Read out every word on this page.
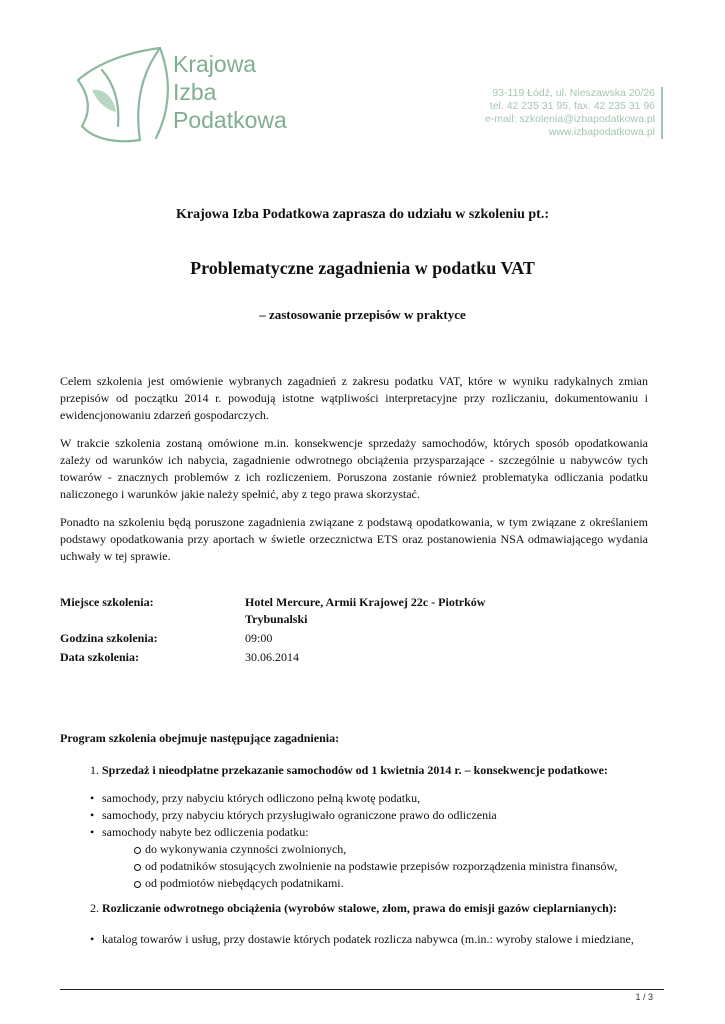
Krajowa
Izba
Podatkowa
93-119 Łódź, ul. Nieszawska 20/26
tel. 42 235 31 95, fax. 42 235 31 96
e-mail: szkolenia@izbapodatkowa.pl
www.izbapodatkowa.pl
Krajowa Izba Podatkowa zaprasza do udziału w szkoleniu pt.:
Problematyczne zagadnienia w podatku VAT
– zastosowanie przepisów w praktyce

Celem szkolenia jest omówienie wybranych zagadnień z zakresu podatku VAT, które w wyniku radykalnych zmian przepisów od początku 2014 r. powodują istotne wątpliwości interpretacyjne przy rozliczaniu, dokumentowaniu i ewidencjonowaniu zdarzeń gospodarczych.

W trakcie szkolenia zostaną omówione m.in. konsekwencje sprzedaży samochodów, których sposób opodatkowania zależy od warunków ich nabycia, zagadnienie odwrotnego obciążenia przysparzające - szczególnie u nabywców tych towarów - znacznych problemów z ich rozliczeniem. Poruszona zostanie również problematyka odliczania podatku naliczonego i warunków jakie należy spełnić, aby z tego prawa skorzystać.

Ponadto na szkoleniu będą poruszone zagadnienia związane z podstawą opodatkowania, w tym związane z określaniem podstawy opodatkowania przy aportach w świetle orzecznictwa ETS oraz postanowienia NSA odmawiającego wydania uchwały w tej sprawie.

Miejsce szkolenia:	Hotel Mercure, Armii Krajowej 22c - Piotrków Trybunalski
Godzina szkolenia:	09:00
Data szkolenia:	30.06.2014
Program szkolenia obejmuje następujące zagadnienia:
1. Sprzedaż i nieodpłatne przekazanie samochodów od 1 kwietnia 2014 r. – konsekwencje podatkowe:
• samochody, przy nabyciu których odliczono pełną kwotę podatku,
• samochody, przy nabyciu których przysługiwało ograniczone prawo do odliczenia
• samochody nabyte bez odliczenia podatku:
do wykonywania czynności zwolnionych,
od podatników stosujących zwolnienie na podstawie przepisów rozporządzenia ministra finansów,
od podmiotów niebędących podatnikami.
2. Rozliczanie odwrotnego obciążenia (wyrobów stalowe, złom, prawa do emisji gazów cieplarnianych):
• katalog towarów i usług, przy dostawie których podatek rozlicza nabywca (m.in.: wyroby stalowe i miedziane,
1 / 3
